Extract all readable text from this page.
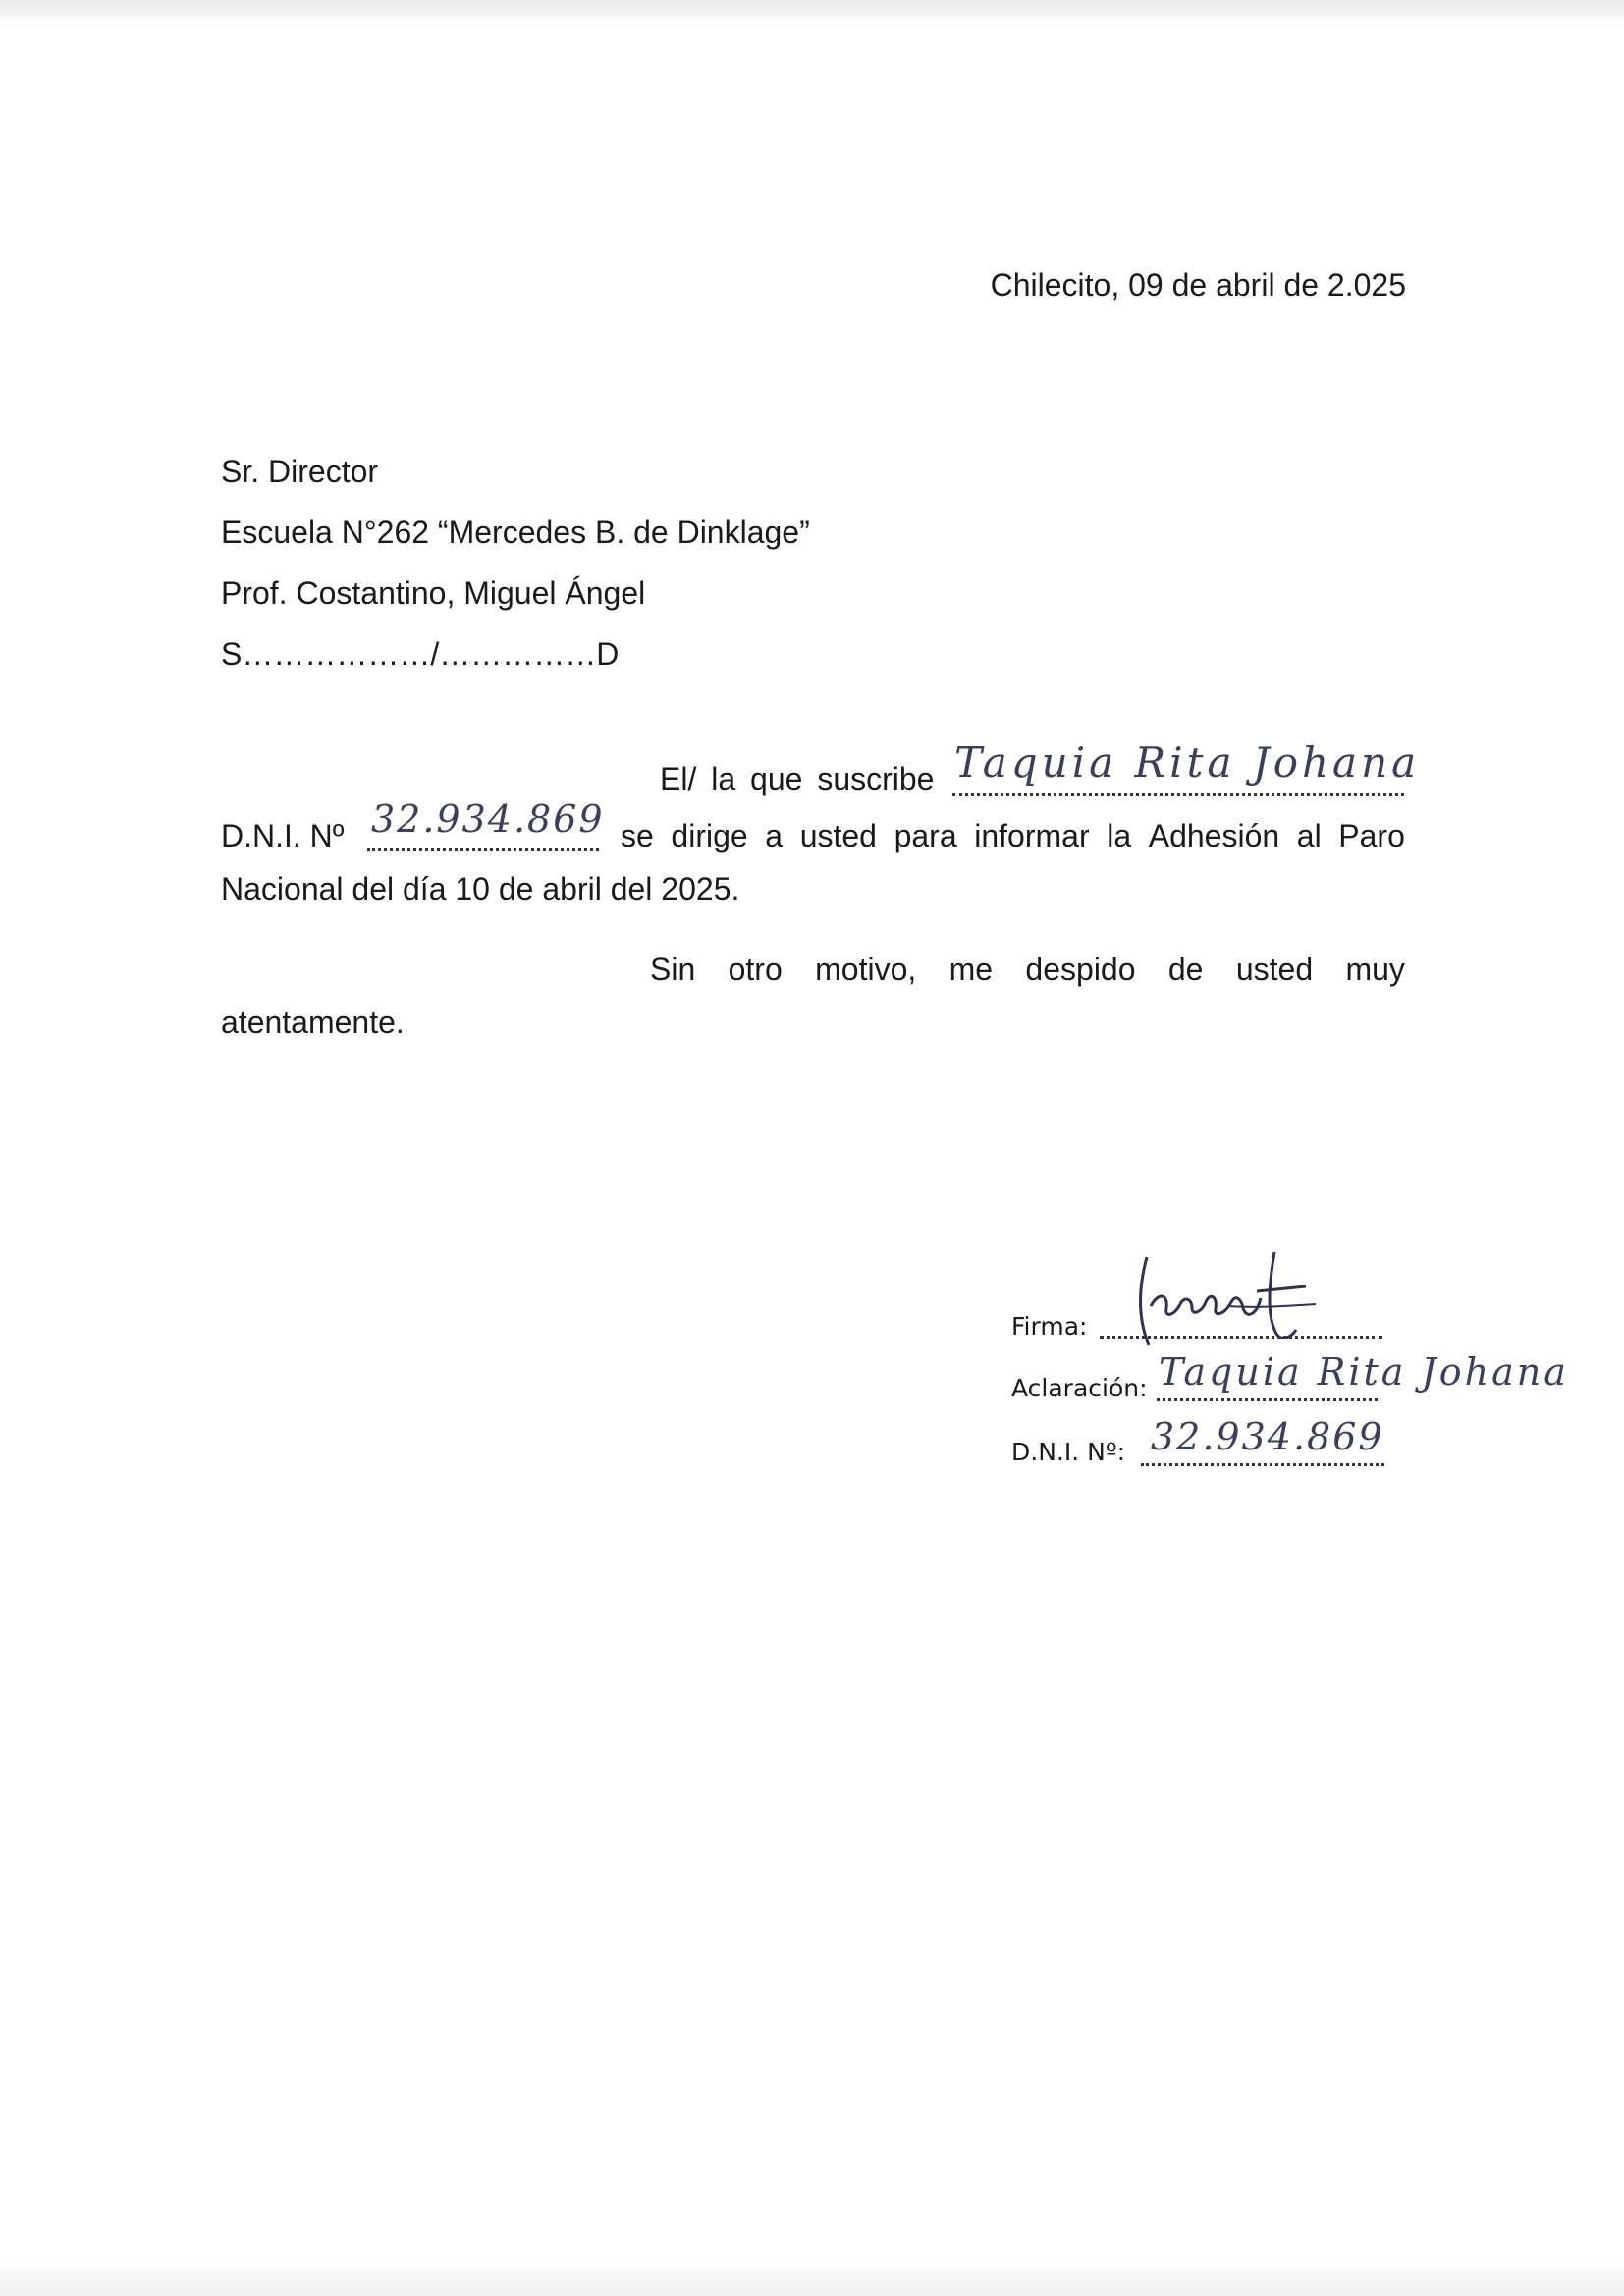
Chilecito, 09 de abril de 2.025
Sr. Director
Escuela N°262 “Mercedes B. de Dinklage”
Prof. Costantino, Miguel Ángel
S………………/……………D
El/ la que suscribe Taquia Rita Johana
D.N.I. Nº 32.934.869 se dirige a usted para informar la Adhesión al Paro
Nacional del día 10 de abril del 2025.
Sin otro motivo, me despido de usted muy
atentamente.
Firma:
Aclaración: Taquia Rita Johana
D.N.I. Nº: 32.934.869
